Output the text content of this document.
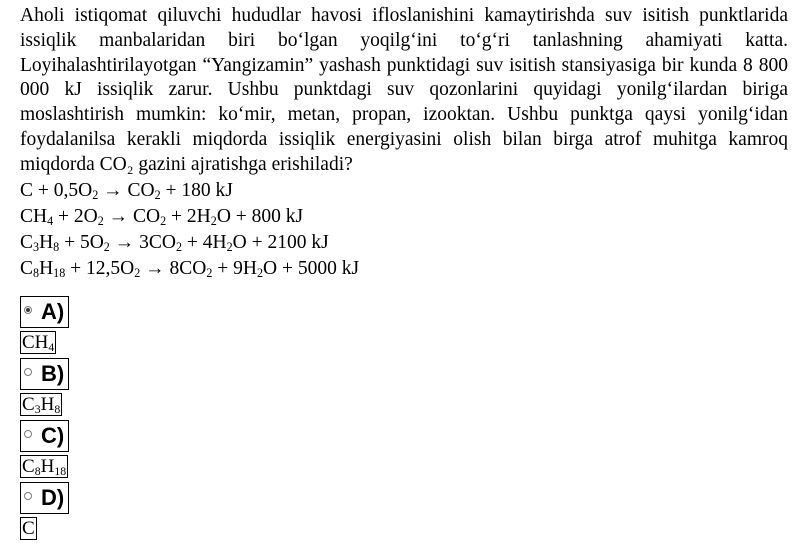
Aholi istiqomat qiluvchi hududlar havosi ifloslanishini kamaytirishda suv isitish punktlarida issiqlik manbalaridan biri bo‘lgan yoqilg‘ini to‘g‘ri tanlashning ahamiyati katta. Loyihalashtirilayotgan “Yangizamin” yashash punktidagi suv isitish stansiyasiga bir kunda 8 800 000 kJ issiqlik zarur. Ushbu punktdagi suv qozonlarini quyidagi yonilg‘ilardan biriga moslashtirish mumkin: ko‘mir, metan, propan, izooktan. Ushbu punktga qaysi yonilg‘idan foydalanilsa kerakli miqdorda issiqlik energiyasini olish bilan birga atrof muhitga kamroq miqdorda CO₂ gazini ajratishga erishiladi?

$C + 0,5O_2 \to CO_2 + 180$ kJ
$CH_4 + 2O_2 \to CO_2 + 2H_2O + 800$ kJ
$C_3H_8 + 5O_2 \to 3CO_2 + 4H_2O + 2100$ kJ
$C_8H_{18} + 12,5O_2 \to 8CO_2 + 9H_2O + 5000$ kJ
A)
$CH_4$
B)
$C_3H_8$
C)
$C_8H_{18}$
D)
C
